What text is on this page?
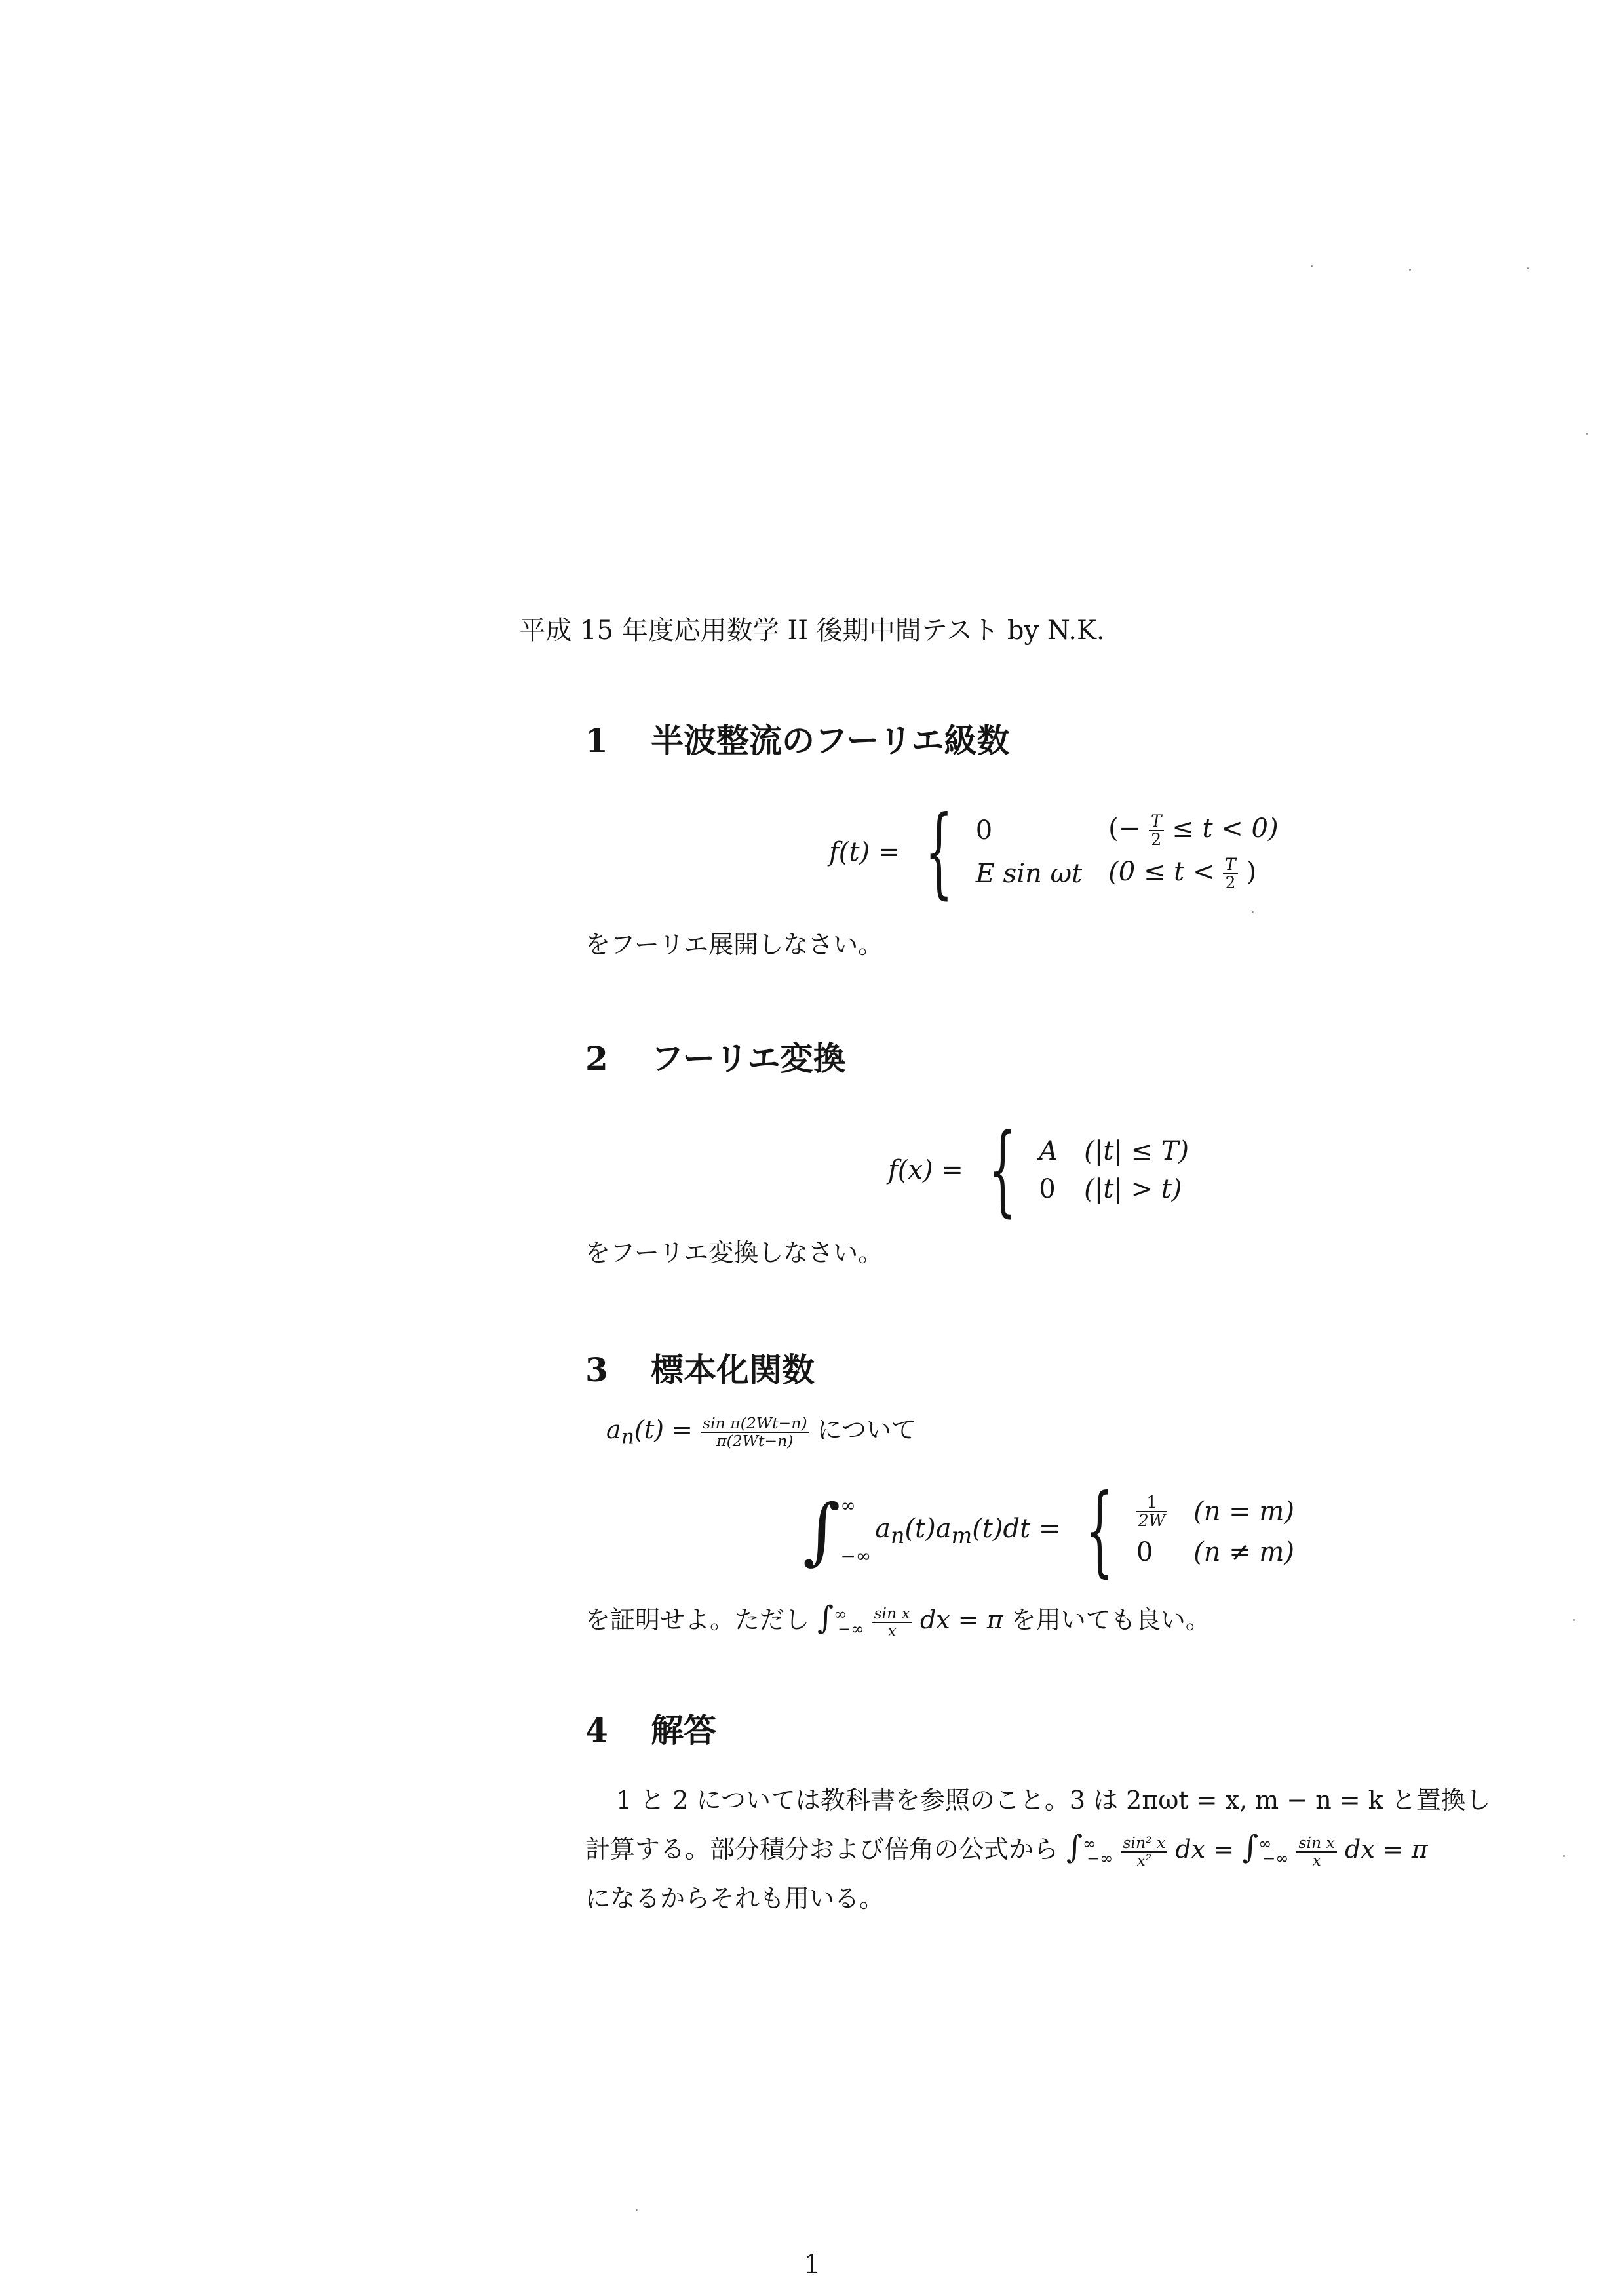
平成 15 年度応用数学 II 後期中間テスト by N.K.
1 半波整流のフーリエ級数
f(t) = { 0	(− $\frac{T}{2} \le t < 0$)
E sin ωt	($0 \le t < \frac{T}{2}$ )
をフーリエ展開しなさい。
2 フーリエ変換
f(x) = { A	(|t| ≤ T)
0	(|t| > t)
をフーリエ変換しなさい。
3 標本化関数
$a_n(t) = \frac{\text{sin π(2Wt−n)}}{\pi(2Wt-n)}$ について
∫ ∞
−∞
$a_n(t)a_m(t)dt$ = { $\frac{1}{2W}$	(n = m)
0	(n ≠ m)
を証明せよ。ただし $\int^\infty_{-\infty} \frac{\text{sin x}}{x}$ dx = π を用いても良い。
4 解答
1 と 2 については教科書を参照のこと。3 は 2πωt = x, m − n = k と置換し
計算する。部分積分および倍角の公式から $\int^\infty_{-\infty} \frac{\text{sin² x}}{\text{x²}}$ dx = $\int^\infty_{-\infty} \frac{\text{sin x}}{x}$ dx = π
になるからそれも用いる。
1
